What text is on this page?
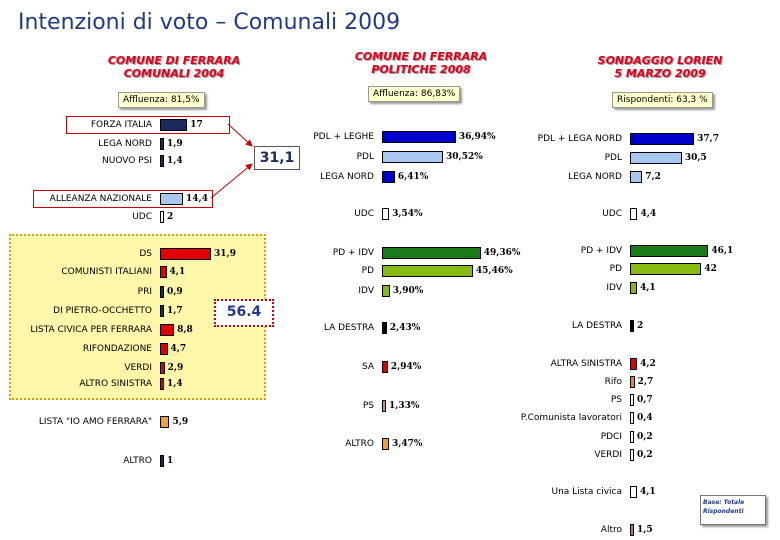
Intenzioni di voto – Comunali 2009
COMUNE DI FERRARA
COMUNALI 2004
Affluenza: 81,5%
COMUNE DI FERRARA
POLITICHE 2008
Affluenza: 86,83%
SONDAGGIO LORIEN
5 MARZO 2009
Rispondenti: 63,3 %
31,1
56.4
FORZA ITALIA	17
LEGA NORD 1,9
NUOVO PSI 1,4
ALLEANZA NAZIONALE	14,4
UDC 2
DS	31,9
COMUNISTI ITALIANI 4,1
PRI 0,9
DI PIETRO-OCCHETTO 1,7
LISTA CIVICA PER FERRARA	8,8
RIFONDAZIONE 4,7
VERDI 2,9
ALTRO SINISTRA 1,4
LISTA "IO AMO FERRARA" 5,9
ALTRO 1
PDL + LEGHE	36,94%
PDL	30,52%
LEGA NORD	6,41%
UDC 3,54%
PD + IDV	49,36%
PD	45,46%
IDV 3,90%
LA DESTRA 2,43%
SA 2,94%
PS 1,33%
ALTRO 3,47%
PDL + LEGA NORD	37,7
PDL	30,5
LEGA NORD	7,2
UDC 4,4
PD + IDV	46,1
PD	42
IDV 4,1
LA DESTRA 2
ALTRA SINISTRA 4,2
Rifo 2,7
PS 0,7
P.Comunista lavoratori 0,4
PDCI 0,2
VERDI 0,2
Una Lista civica 4,1
Altro 1,5
Base: Totale Rispondenti
